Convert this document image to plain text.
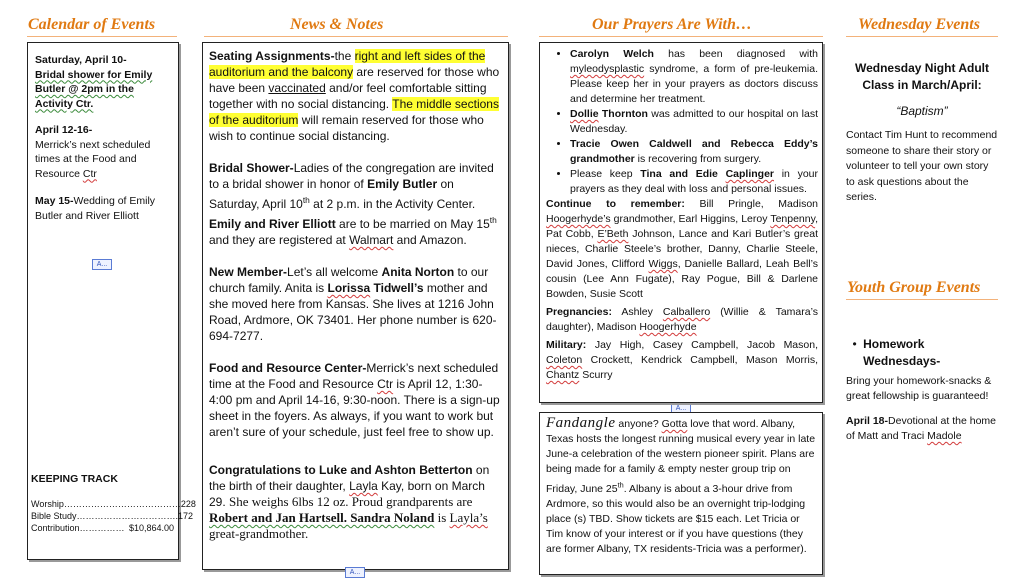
Calendar of Events	News & Notes	Our Prayers Are With…	Wednesday Events
Saturday, April 10-
Bridal shower for Emily
Butler @ 2pm in the
Activity Ctr.
April 12-16-
Merrick’s next scheduled
times at the Food and
Resource Ctr
May 15-Wedding of Emily
Butler and River Elliott
A...
KEEPING TRACK
Worship………………………………… 228
Bible Study……………………………. 172
Contribution…………… $10,864.00

Seating Assignments-the right and left sides of the auditorium and the balcony are reserved for those who have been vaccinated and/or feel comfortable sitting together with no social distancing. The middle sections of the auditorium will remain reserved for those who wish to continue social distancing.

Bridal Shower-Ladies of the congregation are invited to a bridal shower in honor of Emily Butler on Saturday, April 10th at 2 p.m. in the Activity Center. Emily and River Elliott are to be married on May 15th and they are registered at Walmart and Amazon.

New Member-Let’s all welcome Anita Norton to our church family. Anita is Lorissa Tidwell’s mother and she moved here from Kansas. She lives at 1216 John Road, Ardmore, OK 73401. Her phone number is 620-694-7277.

Food and Resource Center-Merrick’s next scheduled time at the Food and Resource Ctr is April 12, 1:30-4:00 pm and April 14-16, 9:30-noon. There is a sign-up sheet in the foyers. As always, if you want to work but aren’t sure of your schedule, just feel free to show up.

Congratulations to Luke and Ashton Betterton on the birth of their daughter, Layla Kay, born on March 29. She weighs 6lbs 12 oz. Proud grandparents are Robert and Jan Hartsell. Sandra Noland is Layla’s great-grandmother.

A...
A...
• Carolyn Welch has been diagnosed with myleodysplastic syndrome, a form of pre-leukemia. Please keep her in your prayers as doctors discuss and determine her treatment.
• Dollie Thornton was admitted to our hospital on last Wednesday.
• Tracie Owen Caldwell and Rebecca Eddy’s grandmother is recovering from surgery.
• Please keep Tina and Edie Caplinger in your prayers as they deal with loss and personal issues.

Continue to remember: Bill Pringle, Madison Hoogerhyde’s grandmother, Earl Higgins, Leroy Tenpenny, Pat Cobb, E’Beth Johnson, Lance and Kari Butler’s great nieces, Charlie Steele’s brother, Danny, Charlie Steele, David Jones, Clifford Wiggs, Danielle Ballard, Leah Bell’s cousin (Lee Ann Fugate), Ray Pogue, Bill & Darlene Bowden, Susie Scott

Pregnancies: Ashley Calballero (Willie & Tamara’s daughter), Madison Hoogerhyde

Military: Jay High, Casey Campbell, Jacob Mason, Coleton Crockett, Kendrick Campbell, Mason Morris, Chantz Scurry

Fandangle anyone? Gotta love that word. Albany, Texas hosts the longest running musical every year in late June-a celebration of the western pioneer spirit. Plans are being made for a family & empty nester group trip on Friday, June 25th. Albany is about a 3-hour drive from Ardmore, so this would also be an overnight trip-lodging place (s) TBD. Show tickets are $15 each. Let Tricia or Tim know of your interest or if you have questions (they are former Albany, TX residents-Tricia was a performer).
Wednesday Night Adult Class in March/April:
“Baptism”
Contact Tim Hunt to recommend someone to share their story or volunteer to tell your own story to ask questions about the series.
Youth Group Events
• Homework Wednesdays-
Bring your homework-snacks & great fellowship is guaranteed!
April 18-Devotional at the home of Matt and Traci Madole
